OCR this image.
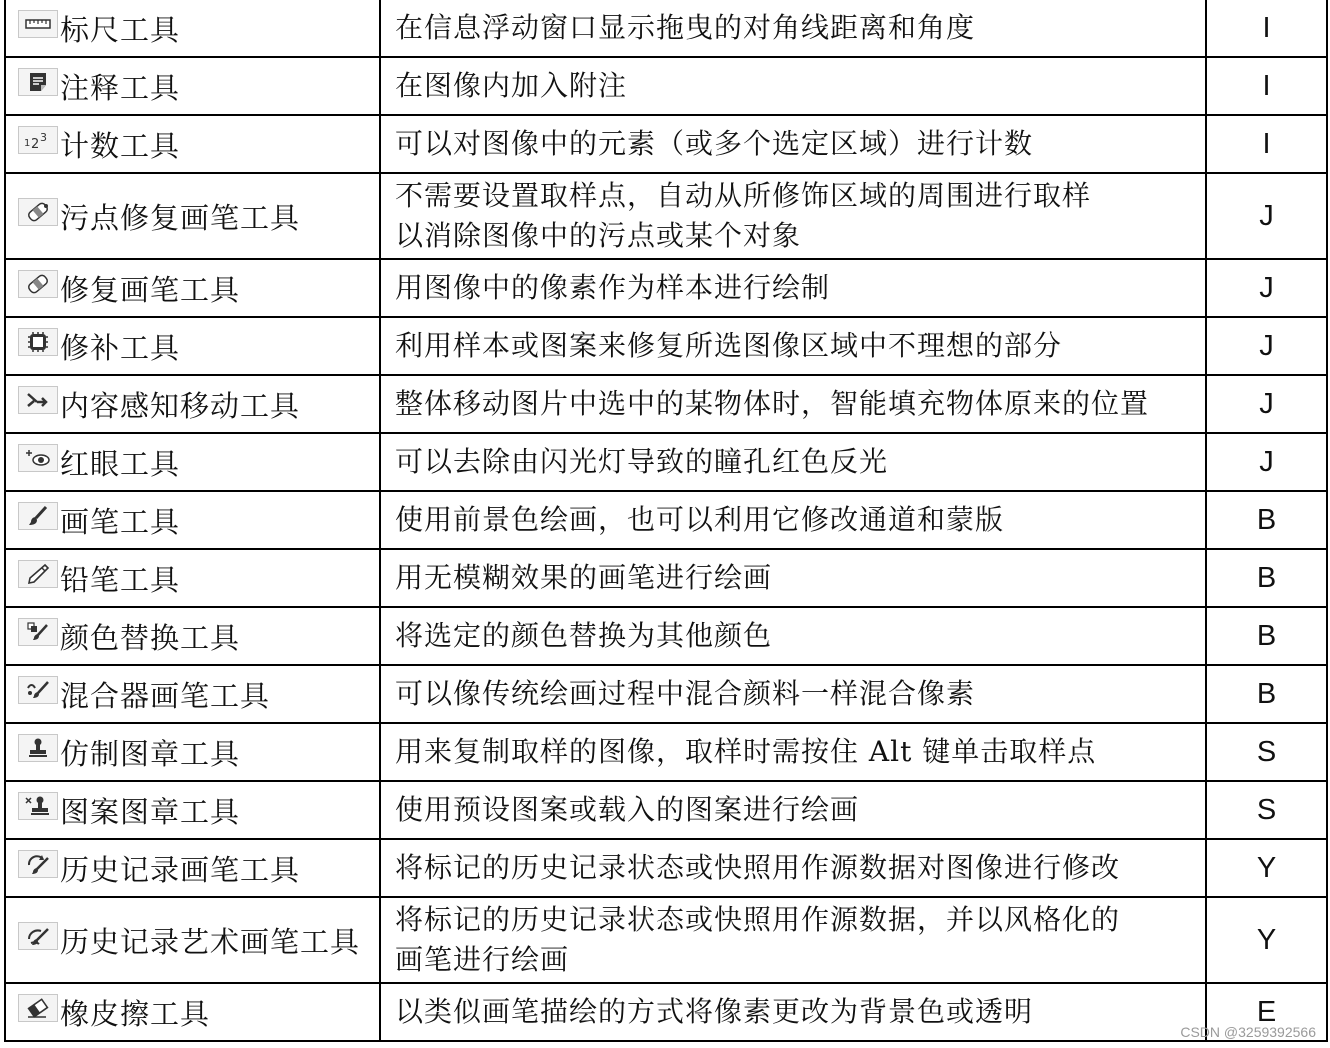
标尺工具	在信息浮动窗口显示拖曳的对角线距离和角度	I

注释工具	在图像内加入附注	I

1 2 3 计数工具	可以对图像中的元素（或多个选定区域）进行计数	I

污点修复画笔工具	不需要设置取样点，自动从所修饰区域的周围进行取样
以消除图像中的污点或某个对象	J

修复画笔工具	用图像中的像素作为样本进行绘制	J

修补工具	利用样本或图案来修复所选图像区域中不理想的部分	J

内容感知移动工具	整体移动图片中选中的某物体时，智能填充物体原来的位置	J

红眼工具	可以去除由闪光灯导致的瞳孔红色反光	J

画笔工具	使用前景色绘画，也可以利用它修改通道和蒙版	B

铅笔工具	用无模糊效果的画笔进行绘画	B

颜色替换工具	将选定的颜色替换为其他颜色	B

混合器画笔工具	可以像传统绘画过程中混合颜料一样混合像素	B

仿制图章工具	用来复制取样的图像，取样时需按住 Alt 键单击取样点	S

图案图章工具	使用预设图案或载入的图案进行绘画	S

历史记录画笔工具	将标记的历史记录状态或快照用作源数据对图像进行修改	Y

历史记录艺术画笔工具	将标记的历史记录状态或快照用作源数据，并以风格化的
画笔进行绘画	Y

橡皮擦工具	以类似画笔描绘的方式将像素更改为背景色或透明	E
CSDN @3259392566
